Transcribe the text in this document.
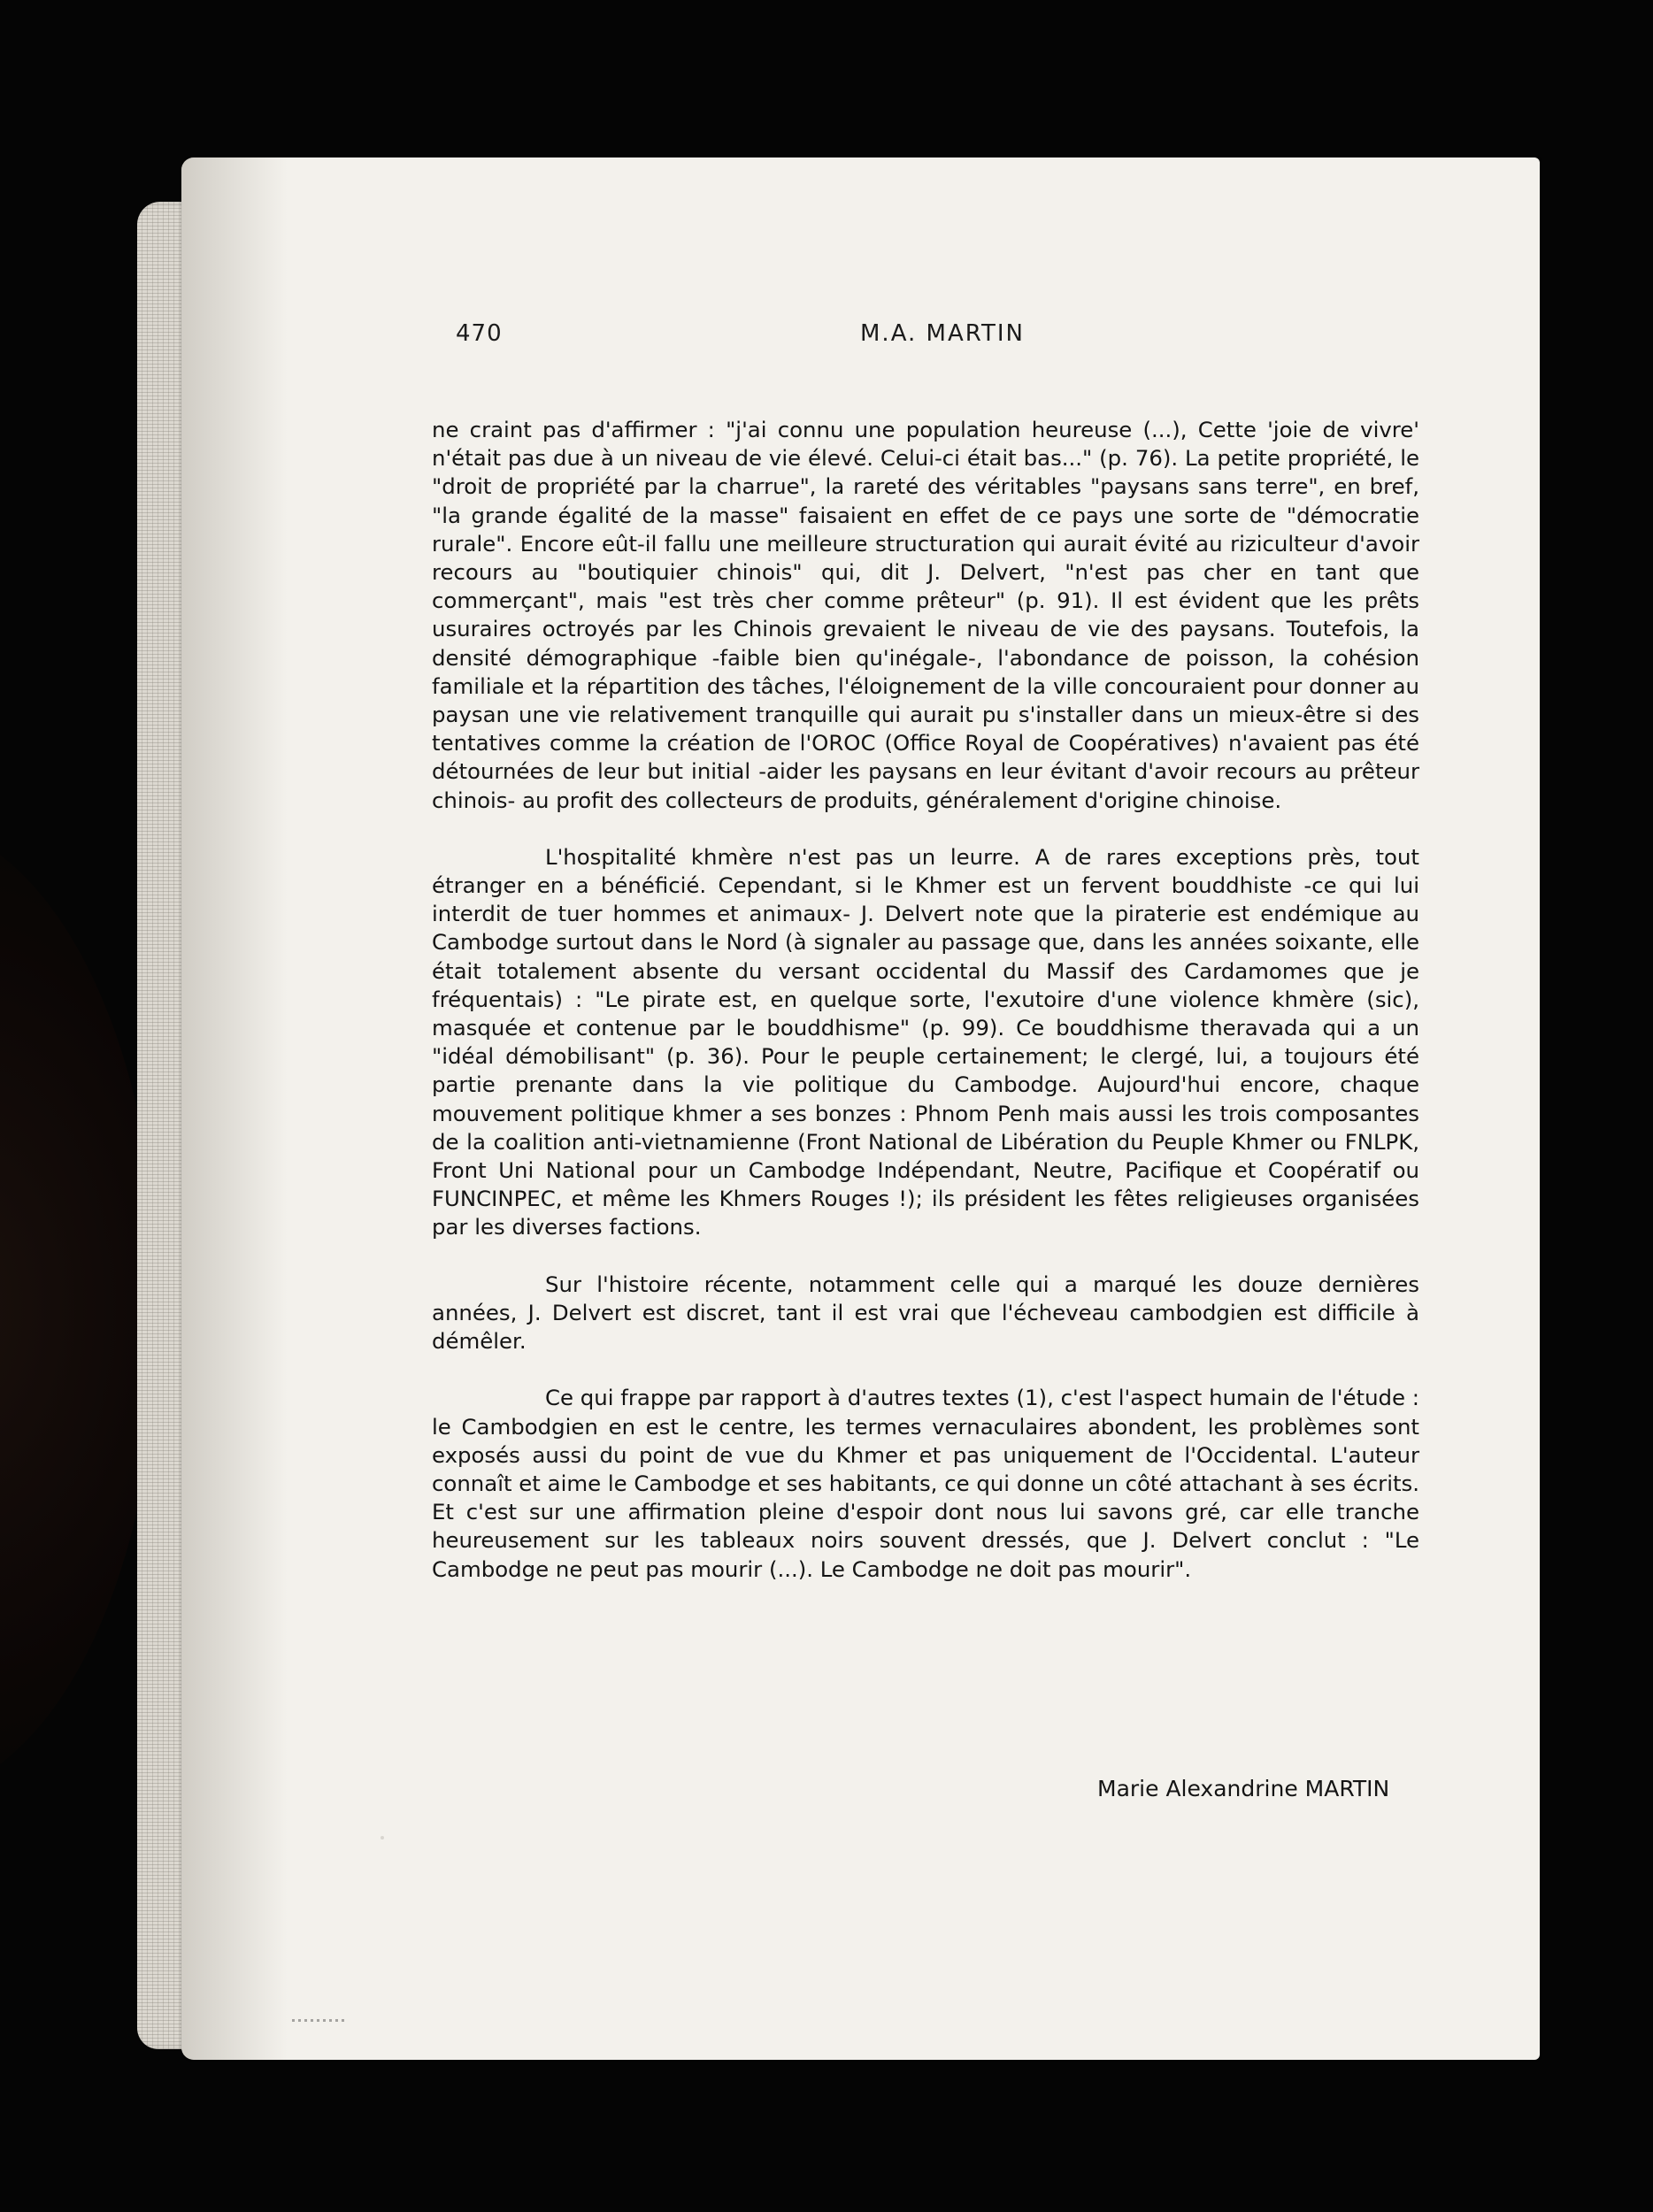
470	M.A. MARTIN

ne craint pas d'affirmer : "j'ai connu une population heureuse (...), Cette 'joie de vivre' n'était pas due à un niveau de vie élevé. Celui-ci était bas..." (p. 76). La petite propriété, le "droit de propriété par la charrue", la rareté des véritables "paysans sans terre", en bref, "la grande égalité de la masse" faisaient en effet de ce pays une sorte de "démocratie rurale". Encore eût-il fallu une meilleure structuration qui aurait évité au riziculteur d'avoir recours au "boutiquier chinois" qui, dit J. Delvert, "n'est pas cher en tant que commerçant", mais "est très cher comme prêteur" (p. 91). Il est évident que les prêts usuraires octroyés par les Chinois grevaient le niveau de vie des paysans. Toutefois, la densité démographique -faible bien qu'inégale-, l'abondance de poisson, la cohésion familiale et la répartition des tâches, l'éloignement de la ville concouraient pour donner au paysan une vie relativement tranquille qui aurait pu s'installer dans un mieux-être si des tentatives comme la création de l'OROC (Office Royal de Coopératives) n'avaient pas été détournées de leur but initial -aider les paysans en leur évitant d'avoir recours au prêteur chinois- au profit des collecteurs de produits, généralement d'origine chinoise.

L'hospitalité khmère n'est pas un leurre. A de rares exceptions près, tout étranger en a bénéficié. Cependant, si le Khmer est un fervent bouddhiste -ce qui lui interdit de tuer hommes et animaux- J. Delvert note que la piraterie est endémique au Cambodge surtout dans le Nord (à signaler au passage que, dans les années soixante, elle était totalement absente du versant occidental du Massif des Cardamomes que je fréquentais) : "Le pirate est, en quelque sorte, l'exutoire d'une violence khmère (sic), masquée et contenue par le bouddhisme" (p. 99). Ce bouddhisme theravada qui a un "idéal démobilisant" (p. 36). Pour le peuple certainement; le clergé, lui, a toujours été partie prenante dans la vie politique du Cambodge. Aujourd'hui encore, chaque mouvement politique khmer a ses bonzes : Phnom Penh mais aussi les trois composantes de la coalition anti-vietnamienne (Front National de Libération du Peuple Khmer ou FNLPK, Front Uni National pour un Cambodge Indépendant, Neutre, Pacifique et Coopératif ou FUNCINPEC, et même les Khmers Rouges !); ils président les fêtes religieuses organisées par les diverses factions.

Sur l'histoire récente, notamment celle qui a marqué les douze dernières années, J. Delvert est discret, tant il est vrai que l'écheveau cambodgien est difficile à démêler.

Ce qui frappe par rapport à d'autres textes (1), c'est l'aspect humain de l'étude : le Cambodgien en est le centre, les termes vernaculaires abondent, les problèmes sont exposés aussi du point de vue du Khmer et pas uniquement de l'Occidental. L'auteur connaît et aime le Cambodge et ses habitants, ce qui donne un côté attachant à ses écrits. Et c'est sur une affirmation pleine d'espoir dont nous lui savons gré, car elle tranche heureusement sur les tableaux noirs souvent dressés, que J. Delvert conclut : "Le Cambodge ne peut pas mourir (...). Le Cambodge ne doit pas mourir".

Marie Alexandrine MARTIN
